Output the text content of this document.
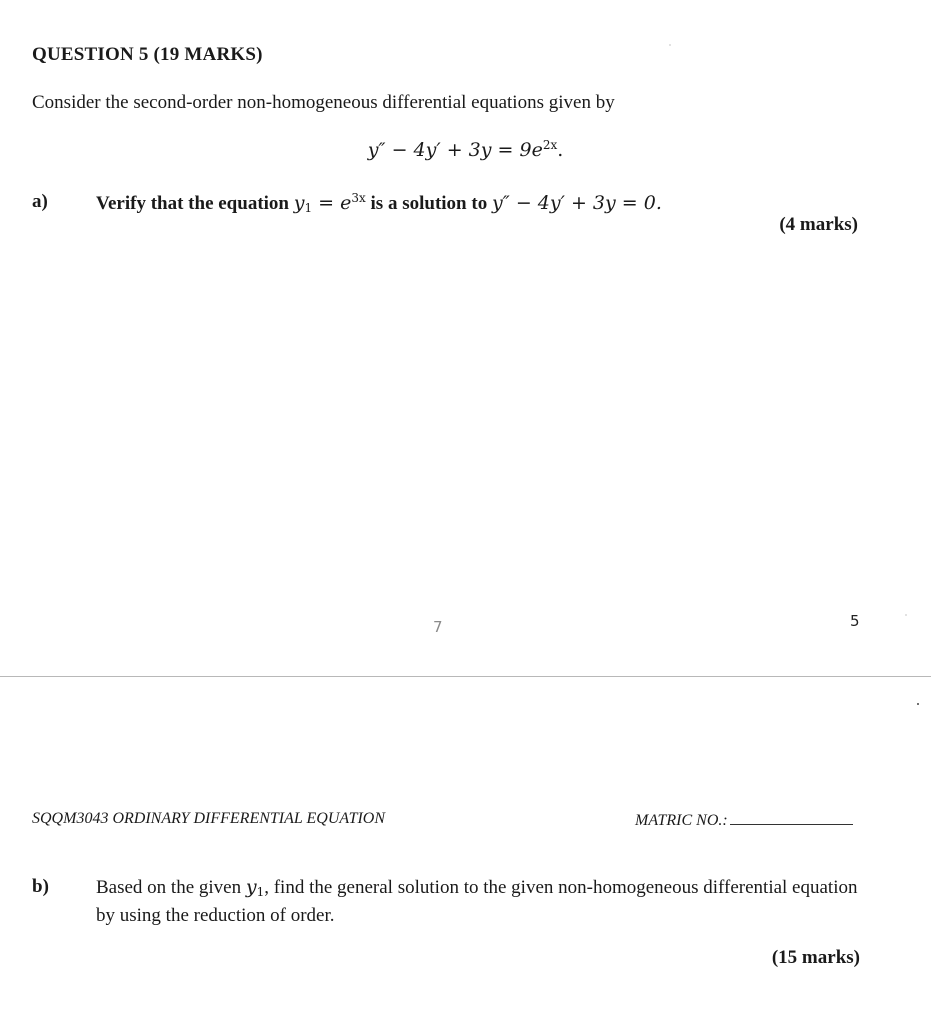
QUESTION 5 (19 MARKS)
Consider the second-order non-homogeneous differential equations given by
$y'' - 4y' + 3y = 9e^{2x}$.
a)	Verify that the equation $y_1 = e^{3x}$ is a solution to y″ − 4y′ + 3y = 0.
(4 marks)
7	5
SQQM3043 ORDINARY DIFFERENTIAL EQUATION	MATRIC NO.:
b) Based on the given $y_1$, find the general solution to the given non-homogeneous differential equation by using the reduction of order.
(15 marks)
